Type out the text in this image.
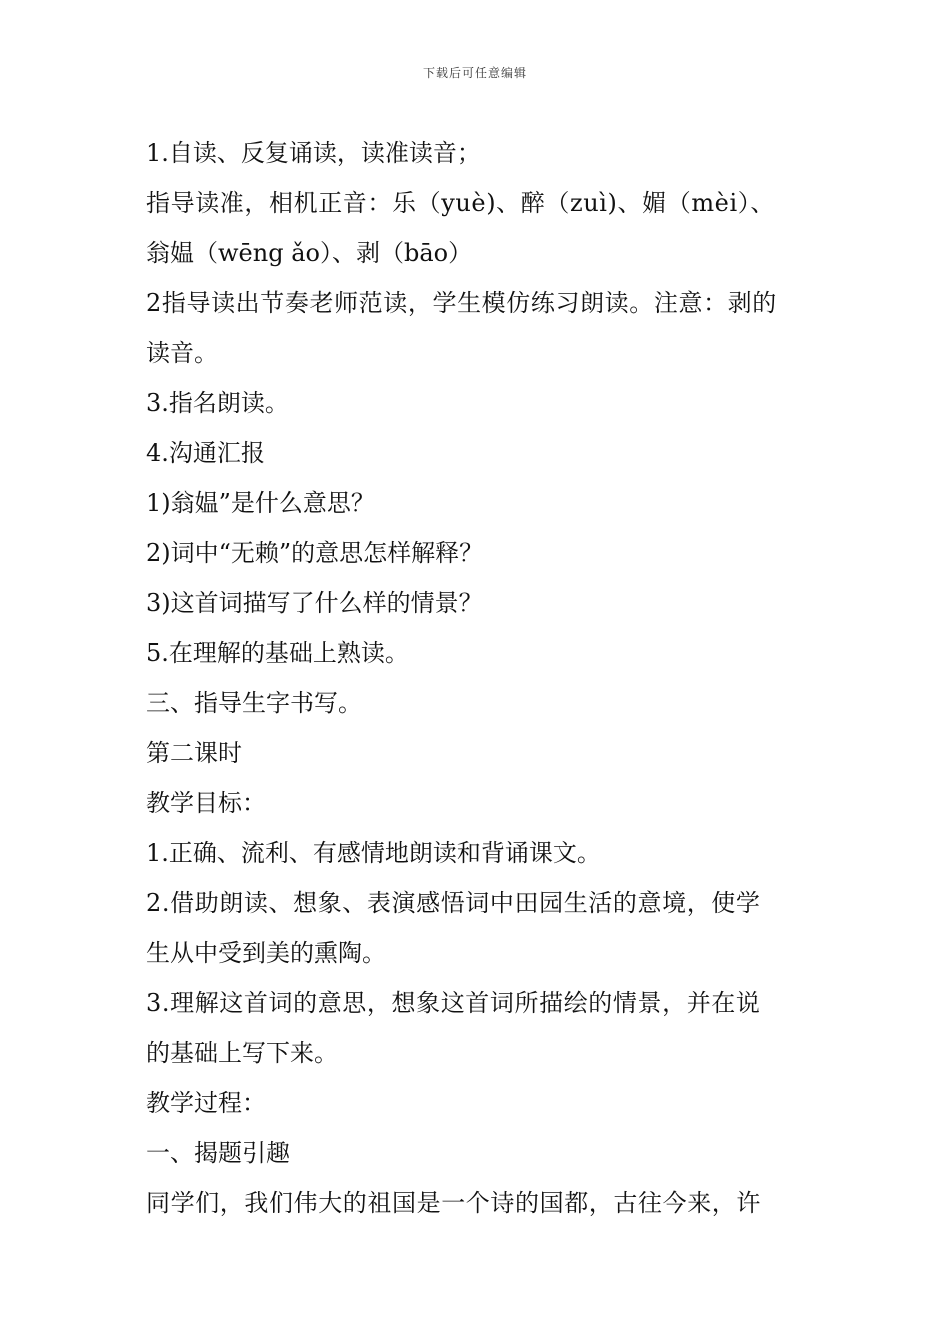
下载后可任意编辑
1.自读、反复诵读，读准读音；
指导读准，相机正音：乐（yuè)、醉（zuì)、媚（mèi）、
翁媪（wēng ǎo）、剥（bāo）
2指导读出节奏老师范读，学生模仿练习朗读。注意：剥的
读音。
3.指名朗读。
4.沟通汇报
1)翁媪”是什么意思？
2)词中“无赖”的意思怎样解释？
3)这首词描写了什么样的情景？
5.在理解的基础上熟读。
三、指导生字书写。
第二课时
教学目标：
1.正确、流利、有感情地朗读和背诵课文。
2.借助朗读、想象、表演感悟词中田园生活的意境，使学
生从中受到美的熏陶。
3.理解这首词的意思，想象这首词所描绘的情景，并在说
的基础上写下来。
教学过程：
一、揭题引趣
同学们，我们伟大的祖国是一个诗的国都，古往今来，许
